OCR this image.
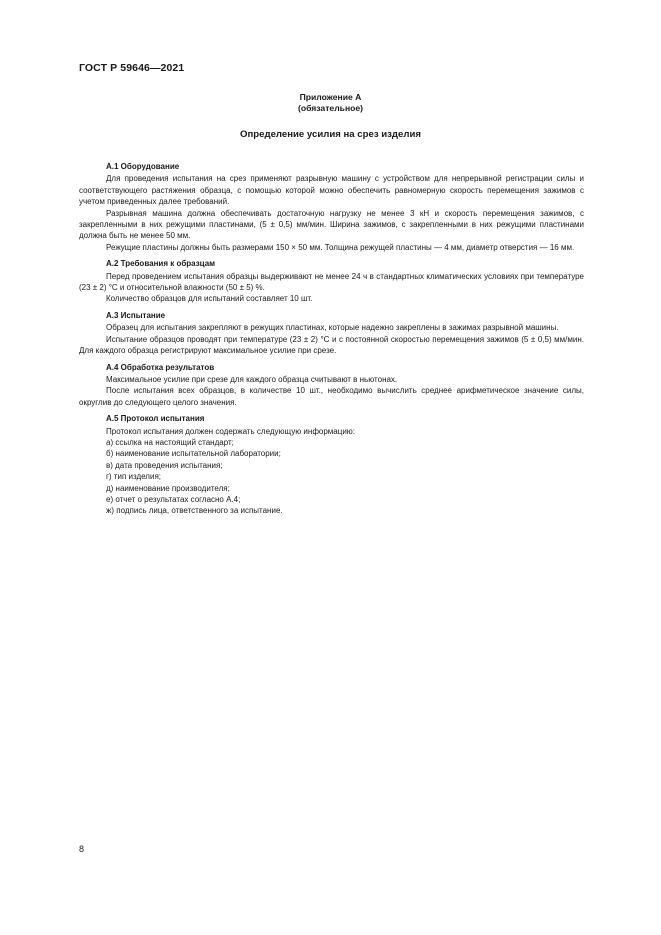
ГОСТ Р 59646—2021
Приложение А
(обязательное)
Определение усилия на срез изделия
А.1 Оборудование

Для проведения испытания на срез применяют разрывную машину с устройством для непрерывной регистрации силы и соответствующего растяжения образца, с помощью которой можно обеспечить равномерную скорость перемещения зажимов с учетом приведенных далее требований.

Разрывная машина должна обеспечивать достаточную нагрузку не менее 3 кН и скорость перемещения зажимов, с закрепленными в них режущими пластинами, (5 ± 0,5) мм/мин. Ширина зажимов, с закрепленными в них режущими пластинами должна быть не менее 50 мм.

Режущие пластины должны быть размерами 150 × 50 мм. Толщина режущей пластины — 4 мм, диаметр отверстия — 16 мм.

А.2 Требования к образцам

Перед проведением испытания образцы выдерживают не менее 24 ч в стандартных климатических условиях при температуре (23 ± 2) °С и относительной влажности (50 ± 5) %.

Количество образцов для испытаний составляет 10 шт.

А.3 Испытание

Образец для испытания закрепляют в режущих пластинах, которые надежно закреплены в зажимах разрывной машины.

Испытание образцов проводят при температуре (23 ± 2) °С и с постоянной скоростью перемещения зажимов (5 ± 0,5) мм/мин. Для каждого образца регистрируют максимальное усилие при срезе.

А.4 Обработка результатов

Максимальное усилие при срезе для каждого образца считывают в ньютонах.

После испытания всех образцов, в количестве 10 шт., необходимо вычислить среднее арифметическое значение силы, округлив до следующего целого значения.

А.5 Протокол испытания

Протокол испытания должен содержать следующую информацию:

а) ссылка на настоящий стандарт;

б) наименование испытательной лаборатории;

в) дата проведения испытания;

г) тип изделия;

д) наименование производителя;

е) отчет о результатах согласно А.4;

ж) подпись лица, ответственного за испытание.

8
